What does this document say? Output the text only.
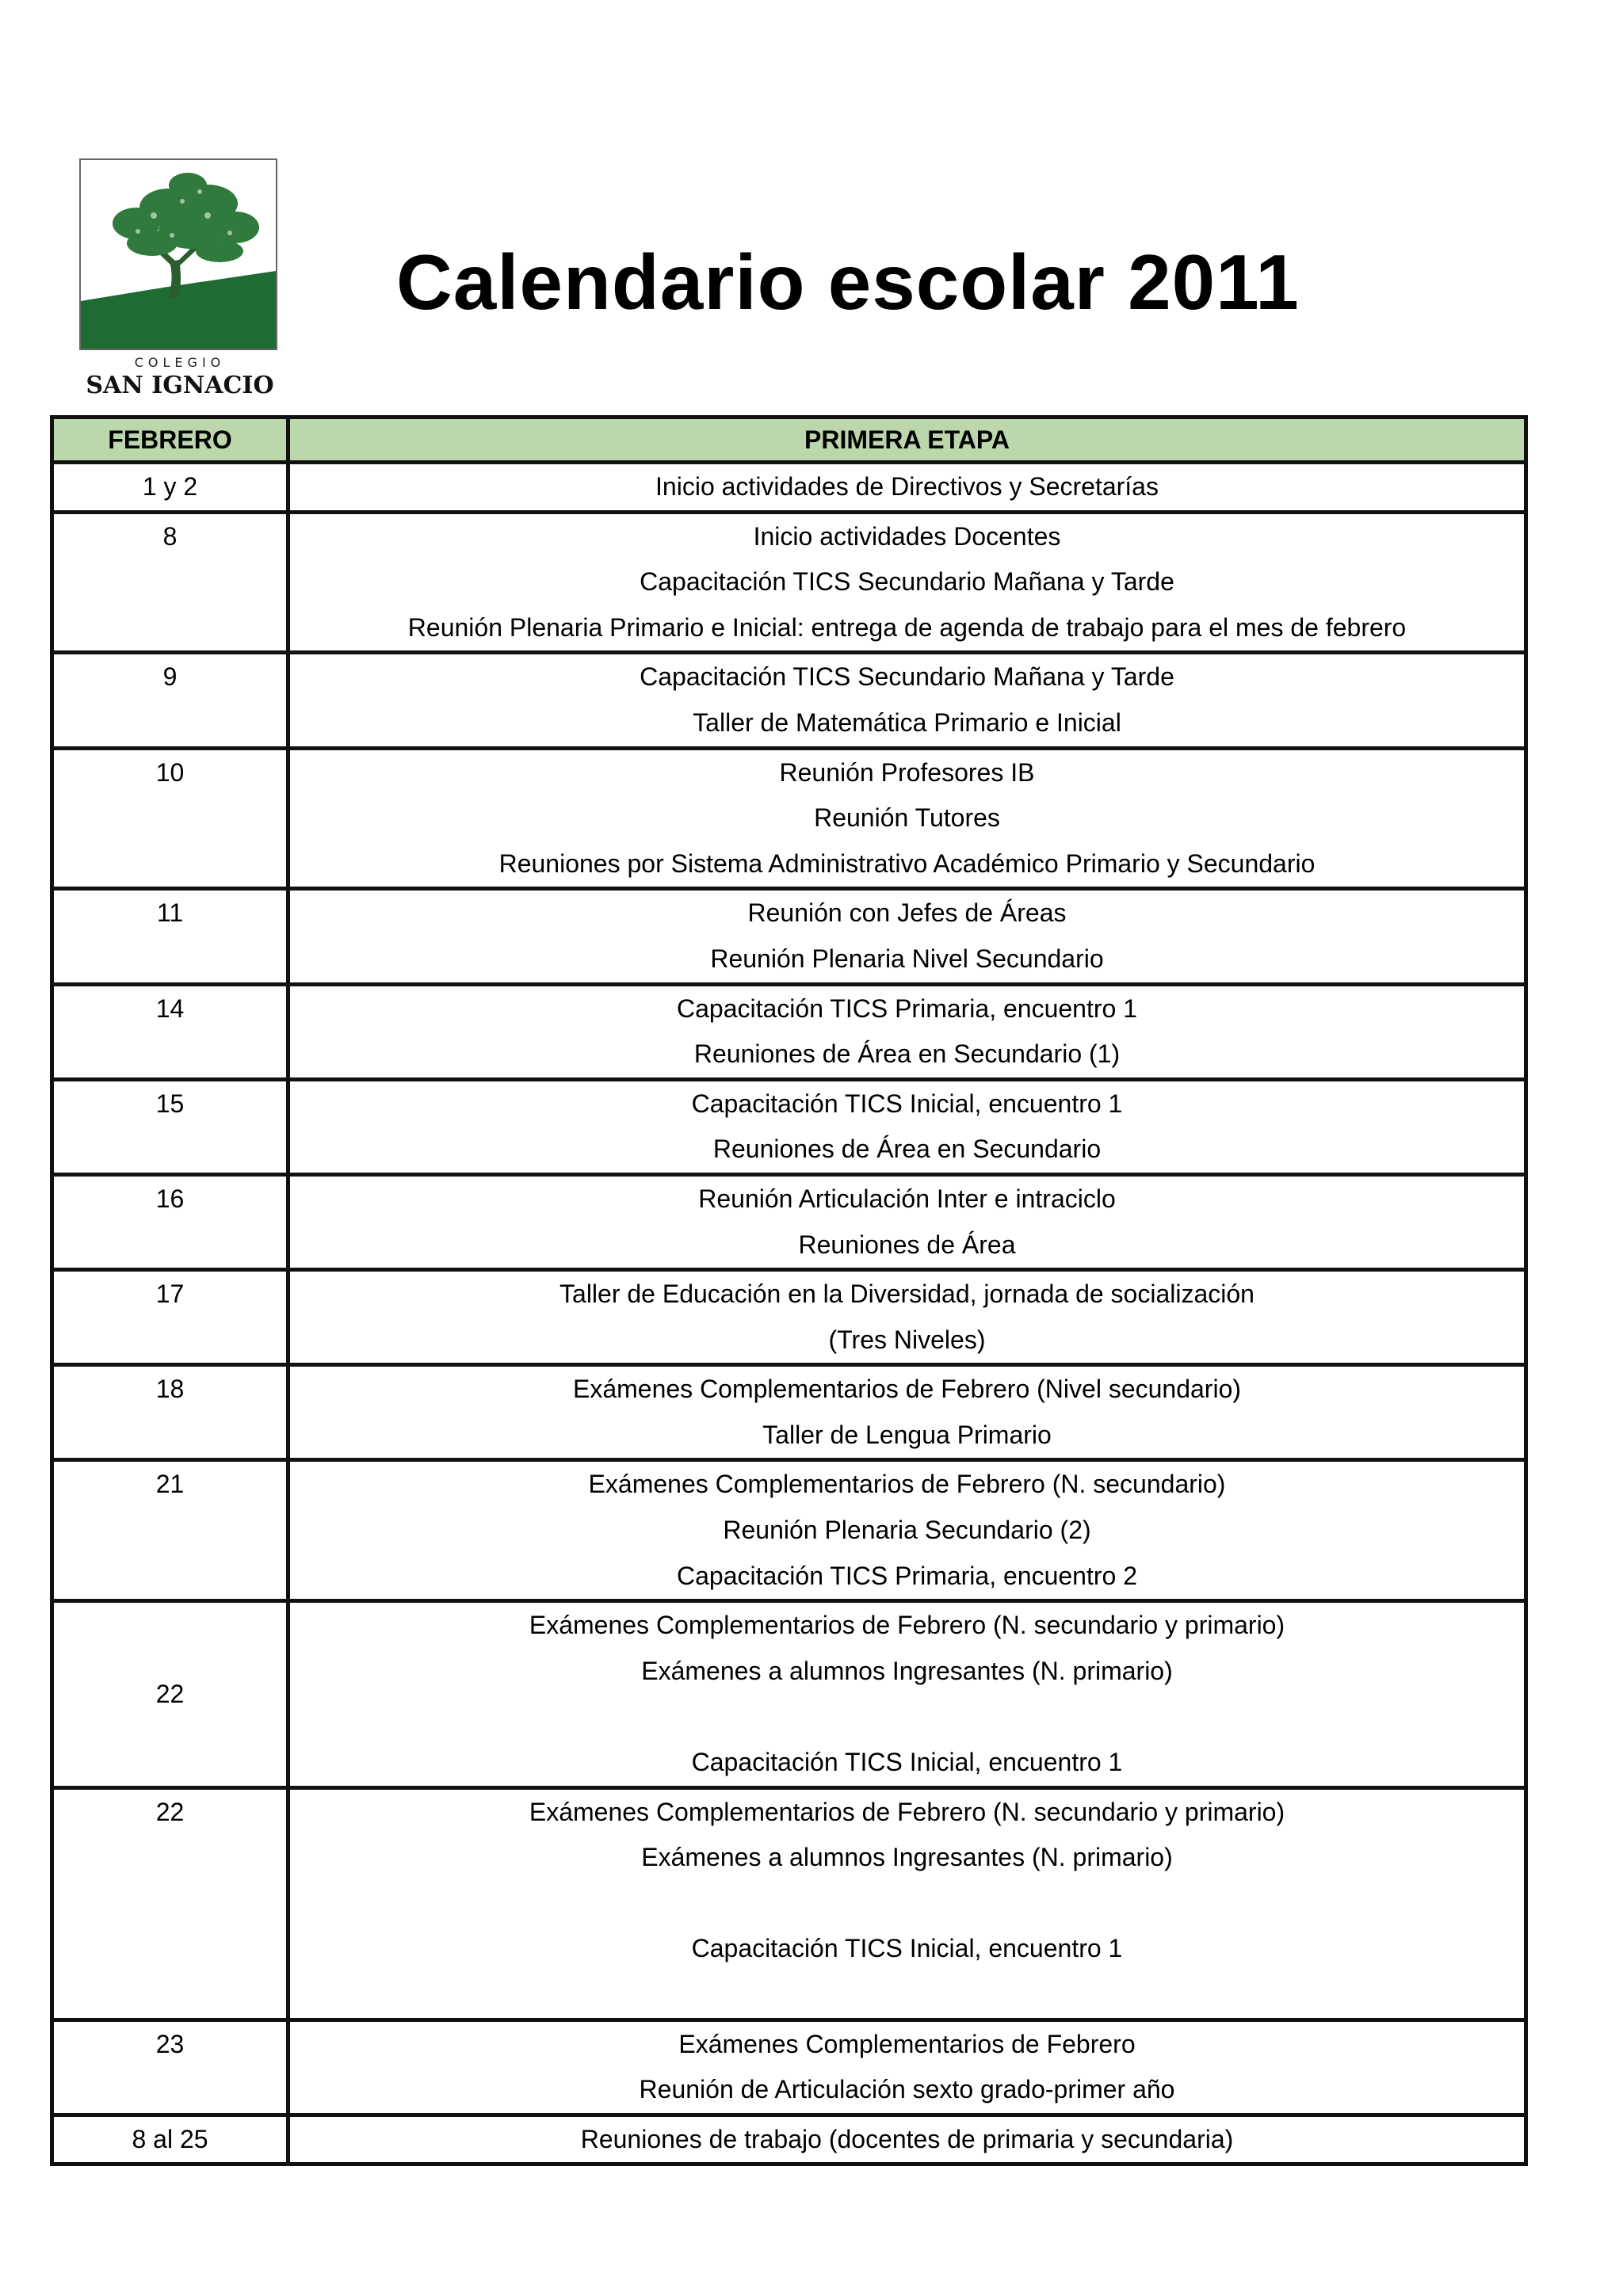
COLEGIO
SAN IGNACIO
Calendario escolar 2011
FEBRERO	PRIMERA ETAPA
1 y 2	Inicio actividades de Directivos y Secretarías

8	Inicio actividades Docentes
Capacitación TICS Secundario Mañana y Tarde
Reunión Plenaria Primario e Inicial: entrega de agenda de trabajo para el mes de febrero

9	Capacitación TICS Secundario Mañana y Tarde
Taller de Matemática Primario e Inicial

10	Reunión Profesores IB
Reunión Tutores
Reuniones por Sistema Administrativo Académico Primario y Secundario

11	Reunión con Jefes de Áreas
Reunión Plenaria Nivel Secundario

14	Capacitación TICS Primaria, encuentro 1
Reuniones de Área en Secundario (1)

15	Capacitación TICS Inicial, encuentro 1
Reuniones de Área en Secundario

16	Reunión Articulación Inter e intraciclo
Reuniones de Área

17	Taller de Educación en la Diversidad, jornada de socialización
(Tres Niveles)

18	Exámenes Complementarios de Febrero (Nivel secundario)
Taller de Lengua Primario

21	Exámenes Complementarios de Febrero (N. secundario)
Reunión Plenaria Secundario (2)
Capacitación TICS Primaria, encuentro 2

22	Exámenes Complementarios de Febrero (N. secundario y primario)
Exámenes a alumnos Ingresantes (N. primario)
Capacitación TICS Inicial, encuentro 1

22	Exámenes Complementarios de Febrero (N. secundario y primario)
Exámenes a alumnos Ingresantes (N. primario)
Capacitación TICS Inicial, encuentro 1

23	Exámenes Complementarios de Febrero
Reunión de Articulación sexto grado-primer año

8 al 25	Reuniones de trabajo (docentes de primaria y secundaria)
